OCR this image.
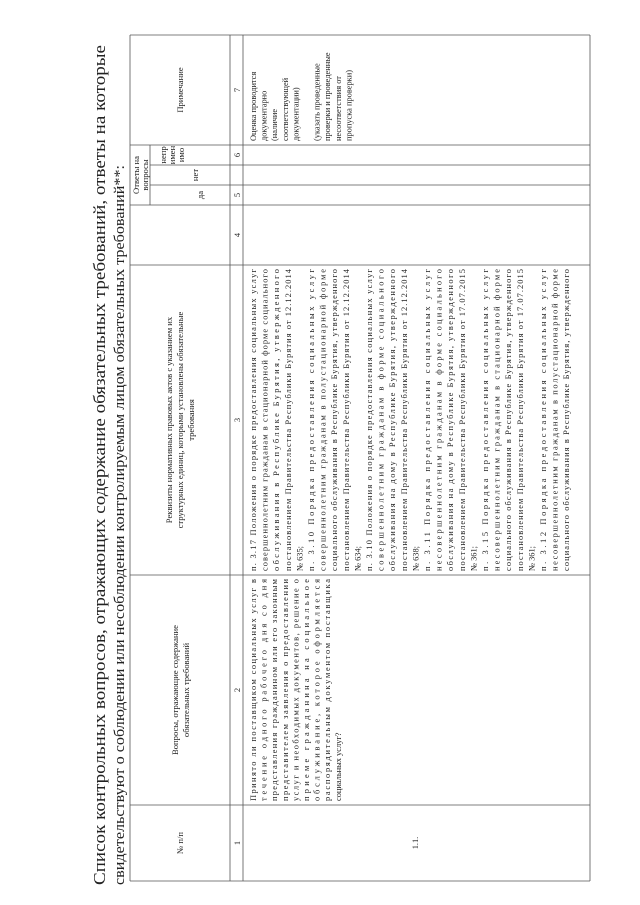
Список контрольных вопросов, отражающих содержание обязательных требований, ответы на которые свидетельствуют о соблюдении или несоблюдении контролируемым лицом обязательных требований**:	№ п/п
Вопросы, отражающие содержание обязательных требований
Реквизиты нормативных правовых актов с указанием их структурных единиц, которыми установлены обязательные требования
Ответы на вопросы
да
нет
непр имен имо
Примечание
1
2
3
4
5
6
7
1.1.
Принято ли поставщиком социальных услуг в
течение одного рабочего дня со дня
представления гражданином или его законным
представителем заявления о предоставлении
услуг и необходимых документов, решение о
приеме гражданина на социальное
обслуживание, которое оформляется
распорядительным документом поставщика
социальных услуг?
п. 3.17 Положения о порядке предоставления социальных услуг
совершеннолетним гражданам в стационарной форме социального
обслуживания в Республике Бурятия, утвержденного
постановлением Правительства Республики Бурятия от 12.12.2014
№ 635; п. 3.10 Порядка предоставления социальных услуг
совершеннолетним гражданам в полустационарной форме
социального обслуживания в Республике Бурятия, утвержденного
постановлением Правительства Республики Бурятия от 12.12.2014
№ 634; п. 3.10 Положения о порядке предоставления социальных услуг
совершеннолетним гражданам в форме социального
обслуживания на дому в Республике Бурятия, утвержденного
постановлением Правительства Республики Бурятия от 12.12.2014
№ 638; п. 3.11 Порядка предоставления социальных услуг
несовершеннолетним гражданам в форме социального
обслуживания на дому в Республике Бурятия, утвержденного
постановлением Правительства Республики Бурятия от 17.07.2015
№ 361; п. 3.15 Порядка предоставления социальных услуг
несовершеннолетним гражданам в стационарной форме
социального обслуживания в Республике Бурятия, утвержденного
постановлением Правительства Республики Бурятия от 17.07.2015
№ 361; п. 3.12 Порядка предоставления социальных услуг
несовершеннолетним гражданам в полустационарной форме
социального обслуживания в Республике Бурятия, утвержденного
Оценка проводится документарно (наличие соответствующей документации) (указать проведенные проверки и проведенные несоответствия от пропуска проверки)
